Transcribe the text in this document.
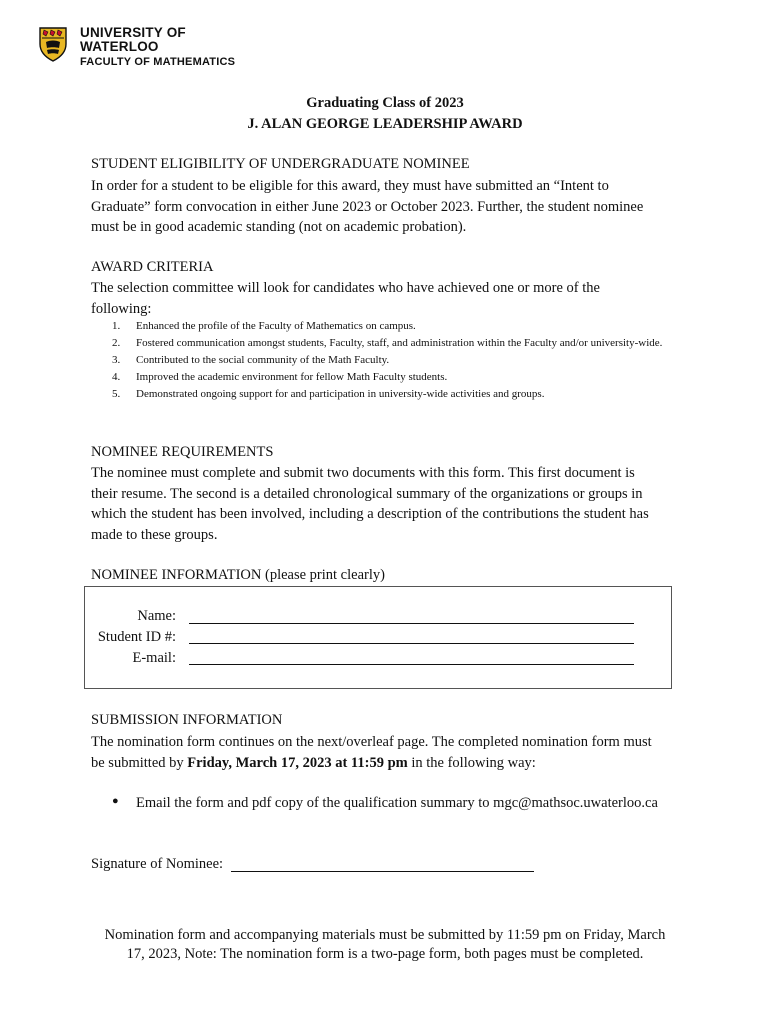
UNIVERSITY OF WATERLOO
FACULTY OF MATHEMATICS
Graduating Class of 2023
J. ALAN GEORGE LEADERSHIP AWARD
STUDENT ELIGIBILITY OF UNDERGRADUATE NOMINEE
In order for a student to be eligible for this award, they must have submitted an “Intent to
Graduate” form convocation in either June 2023 or October 2023. Further, the student nominee
must be in good academic standing (not on academic probation).
AWARD CRITERIA
The selection committee will look for candidates who have achieved one or more of the
following:
1. Enhanced the profile of the Faculty of Mathematics on campus.
2. Fostered communication amongst students, Faculty, staff, and administration within the Faculty and/or university-wide.
3. Contributed to the social community of the Math Faculty.
4. Improved the academic environment for fellow Math Faculty students.
5. Demonstrated ongoing support for and participation in university-wide activities and groups.
NOMINEE REQUIREMENTS
The nominee must complete and submit two documents with this form. This first document is
their resume. The second is a detailed chronological summary of the organizations or groups in
which the student has been involved, including a description of the contributions the student has
made to these groups.
NOMINEE INFORMATION (please print clearly)
Name:
Student ID #:
E-mail:
SUBMISSION INFORMATION
The nomination form continues on the next/overleaf page. The completed nomination form must
be submitted by Friday, March 17, 2023 at 11:59 pm in the following way:
● Email the form and pdf copy of the qualification summary to mgc@mathsoc.uwaterloo.ca
Signature of Nominee:
Nomination form and accompanying materials must be submitted by 11:59 pm on Friday, March
17, 2023, Note: The nomination form is a two-page form, both pages must be completed.
